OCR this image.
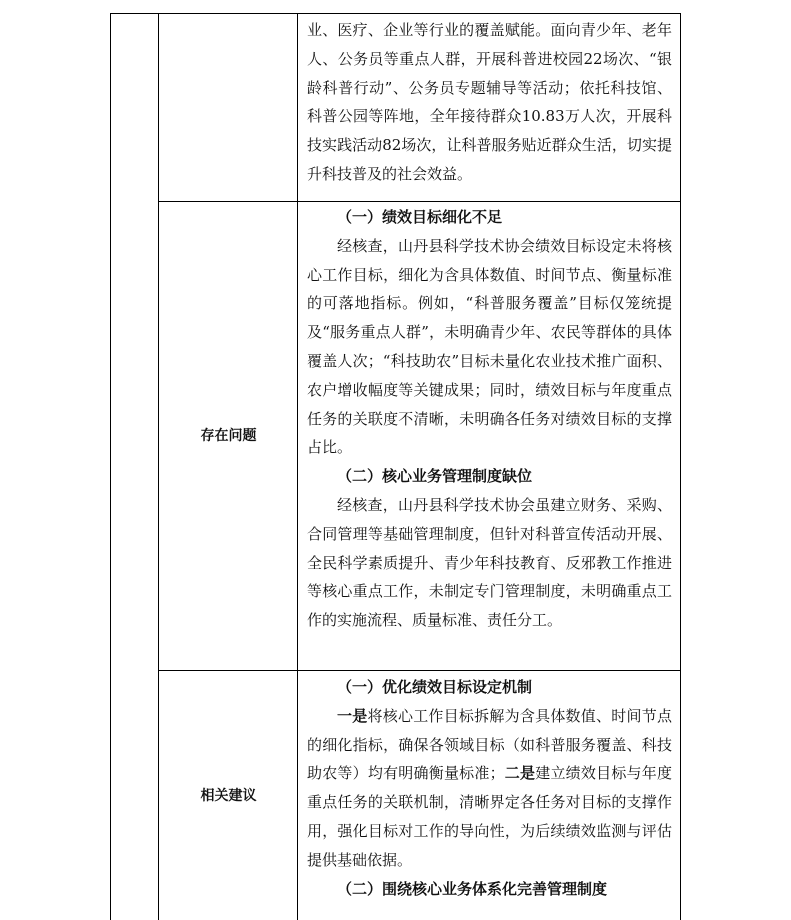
业、医疗、企业等行业的覆盖赋能。面向青少年、老年人、公务员等重点人群，开展科普进校园22场次、“银龄科普行动”、公务员专题辅导等活动；依托科技馆、科普公园等阵地，全年接待群众10.83万人次，开展科技实践活动82场次，让科普服务贴近群众生活，切实提升科技普及的社会效益。

存在问题

（一）绩效目标细化不足

经核查，山丹县科学技术协会绩效目标设定未将核心工作目标，细化为含具体数值、时间节点、衡量标准的可落地指标。例如，“科普服务覆盖”目标仅笼统提及“服务重点人群”，未明确青少年、农民等群体的具体覆盖人次；“科技助农”目标未量化农业技术推广面积、农户增收幅度等关键成果；同时，绩效目标与年度重点任务的关联度不清晰，未明确各任务对绩效目标的支撑占比。

（二）核心业务管理制度缺位

经核查，山丹县科学技术协会虽建立财务、采购、合同管理等基础管理制度，但针对科普宣传活动开展、全民科学素质提升、青少年科技教育、反邪教工作推进等核心重点工作，未制定专门管理制度，未明确重点工作的实施流程、质量标准、责任分工。

相关建议

（一）优化绩效目标设定机制

一是将核心工作目标拆解为含具体数值、时间节点的细化指标，确保各领域目标（如科普服务覆盖、科技助农等）均有明确衡量标准；二是建立绩效目标与年度重点任务的关联机制，清晰界定各任务对目标的支撑作用，强化目标对工作的导向性，为后续绩效监测与评估提供基础依据。

（二）围绕核心业务体系化完善管理制度
